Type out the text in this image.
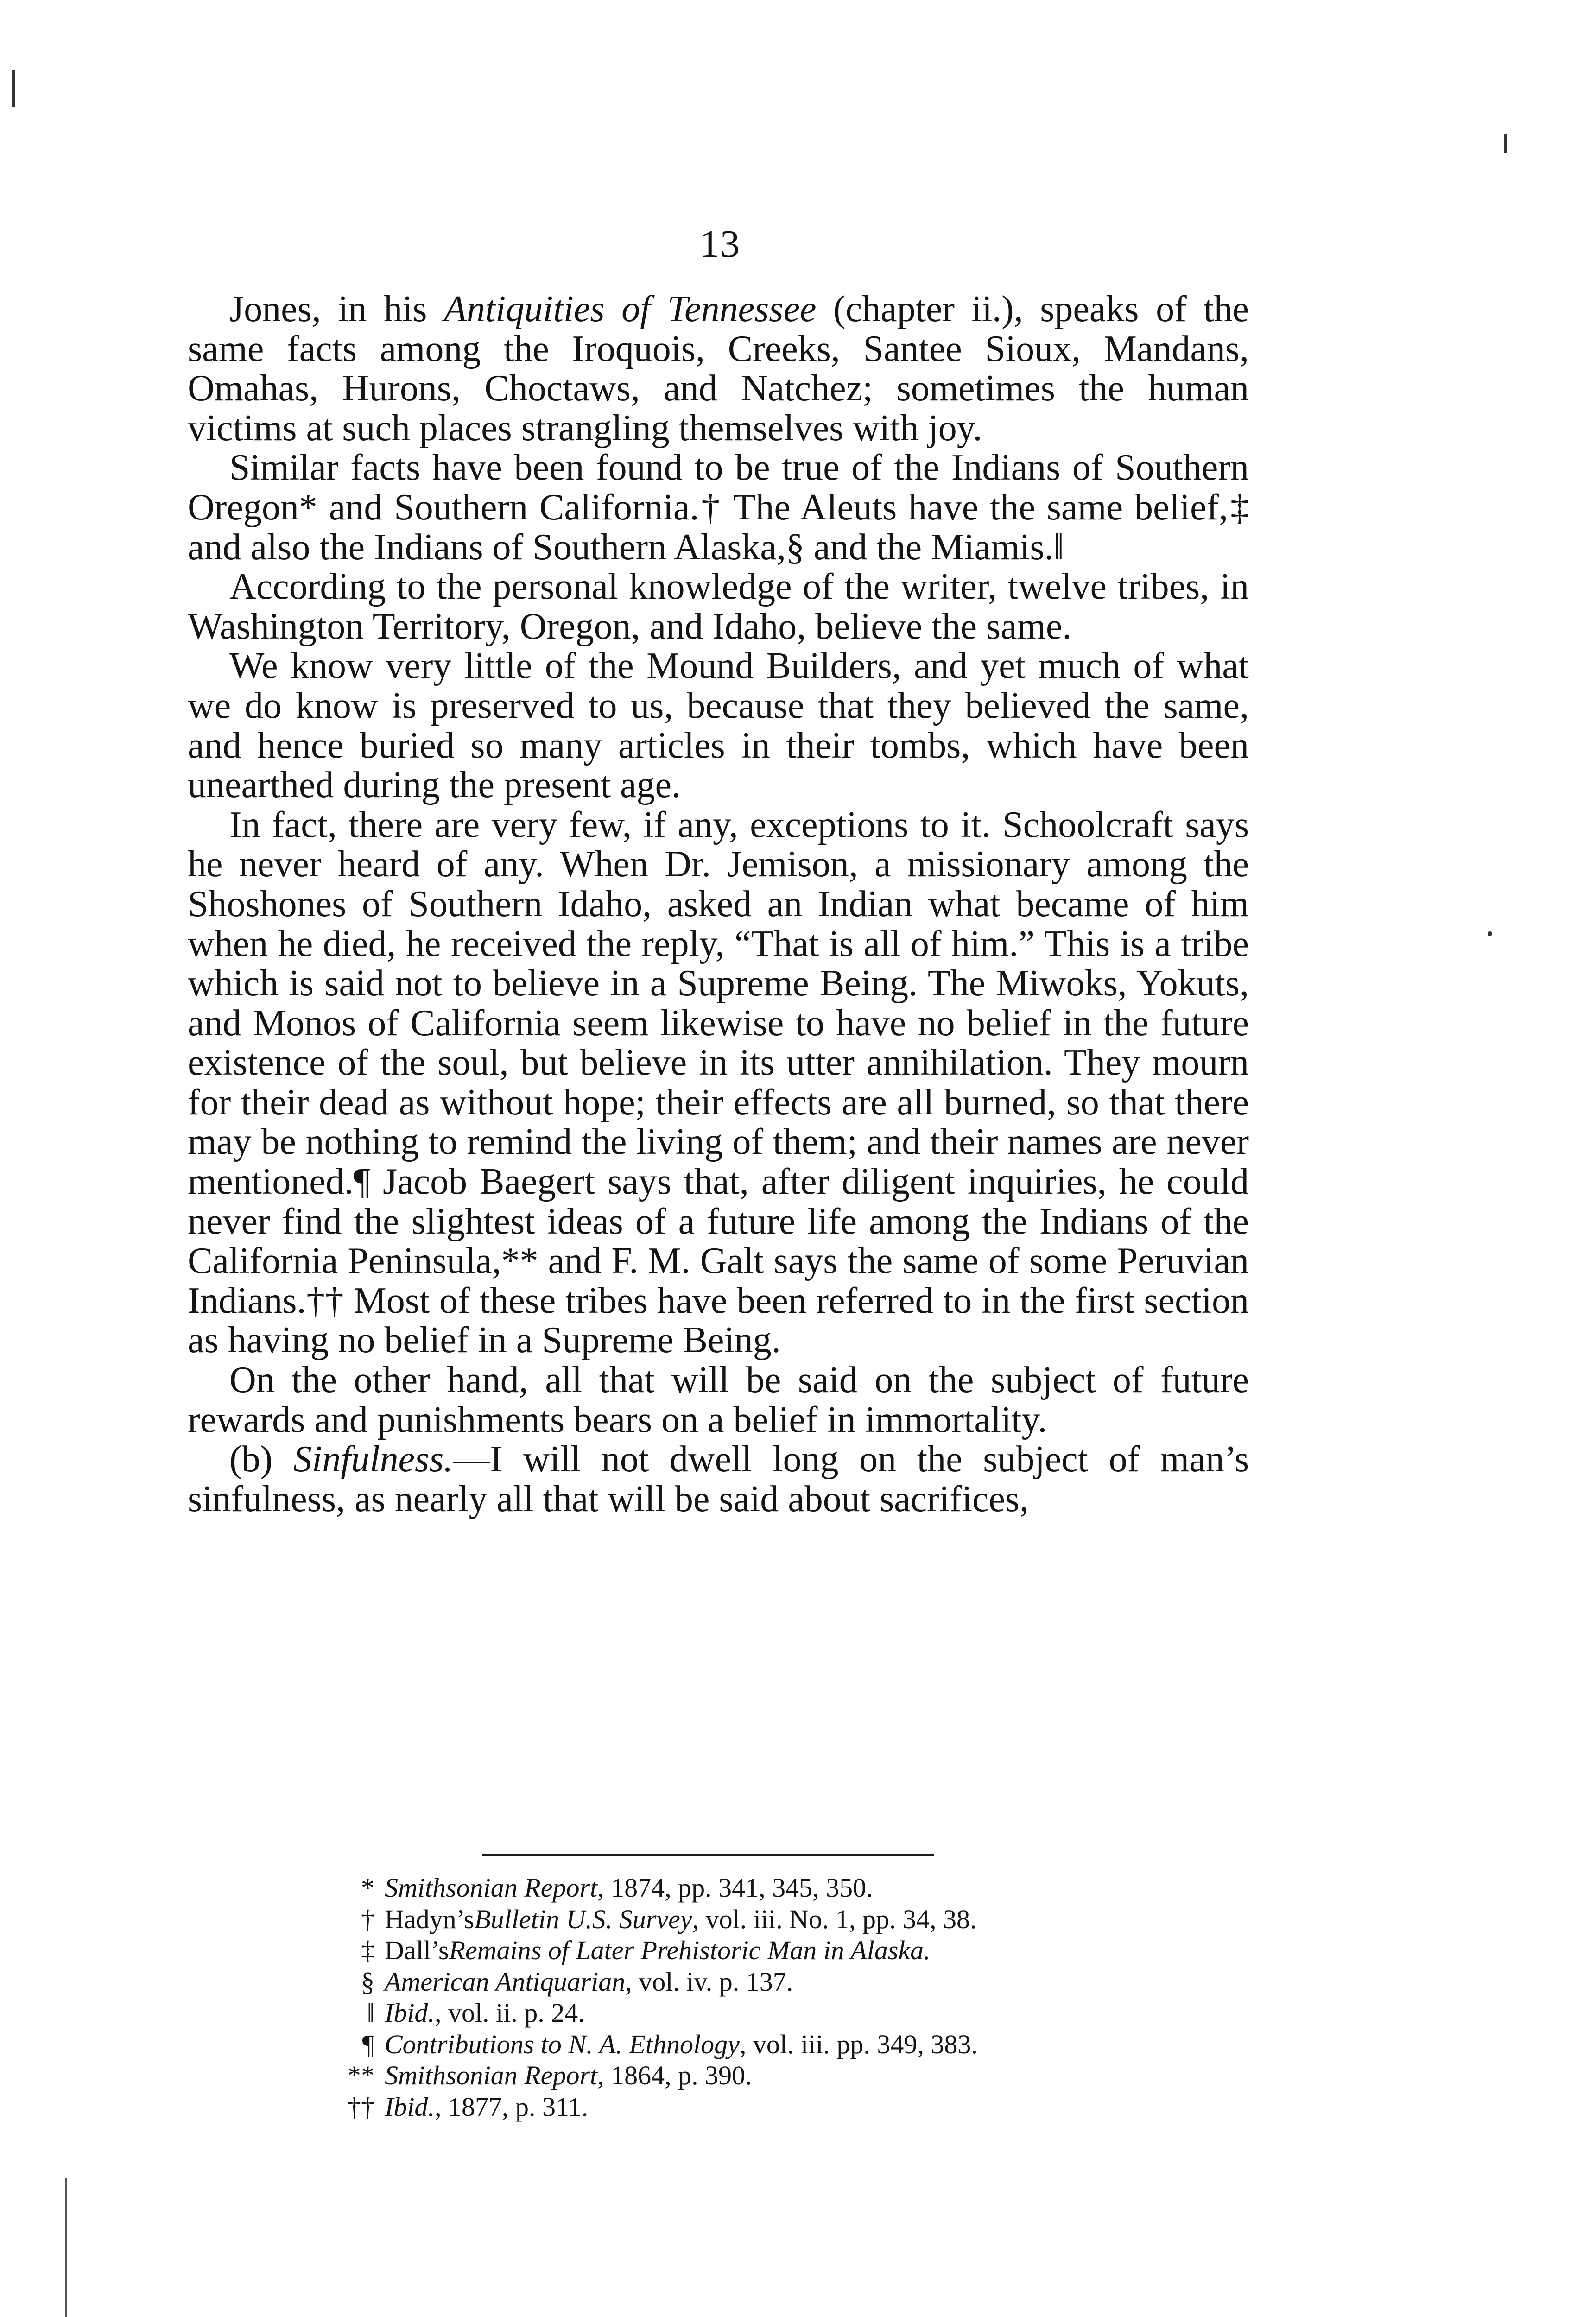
13

Jones, in his Antiquities of Tennessee (chapter ii.), speaks of the same facts among the Iroquois, Creeks, Santee Sioux, Mandans, Omahas, Hurons, Choctaws, and Natchez; sometimes the human victims at such places strangling themselves with joy.

Similar facts have been found to be true of the Indians of Southern Oregon* and Southern California.† The Aleuts have the same belief,‡ and also the Indians of Southern Alaska,§ and the Miamis.‖

According to the personal knowledge of the writer, twelve tribes, in Washington Territory, Oregon, and Idaho, believe the same.

We know very little of the Mound Builders, and yet much of what we do know is preserved to us, because that they believed the same, and hence buried so many articles in their tombs, which have been unearthed during the present age.

In fact, there are very few, if any, exceptions to it. Schoolcraft says he never heard of any. When Dr. Jemison, a missionary among the Shoshones of Southern Idaho, asked an Indian what became of him when he died, he received the reply, “That is all of him.” This is a tribe which is said not to believe in a Supreme Being. The Miwoks, Yokuts, and Monos of California seem likewise to have no belief in the future existence of the soul, but believe in its utter annihilation. They mourn for their dead as without hope; their effects are all burned, so that there may be nothing to remind the living of them; and their names are never mentioned.¶ Jacob Baegert says that, after diligent inquiries, he could never find the slightest ideas of a future life among the Indians of the California Peninsula,** and F. M. Galt says the same of some Peruvian Indians.†† Most of these tribes have been referred to in the first section as having no belief in a Supreme Being.

On the other hand, all that will be said on the subject of future rewards and punishments bears on a belief in immortality.

(b) Sinfulness.—I will not dwell long on the subject of man’s sinfulness, as nearly all that will be said about sacrifices,

* Smithsonian Report , 1874, pp. 341, 345, 350.
† Hadyn’s Bulletin U.S. Survey , vol. iii. No. 1, pp. 34, 38.
‡ Dall’s Remains of Later Prehistoric Man in Alaska.
§ American Antiquarian , vol. iv. p. 137.
‖ Ibid. , vol. ii. p. 24.
¶ Contributions to N. A. Ethnology , vol. iii. pp. 349, 383.
** Smithsonian Report , 1864, p. 390.
†† Ibid. , 1877, p. 311.
